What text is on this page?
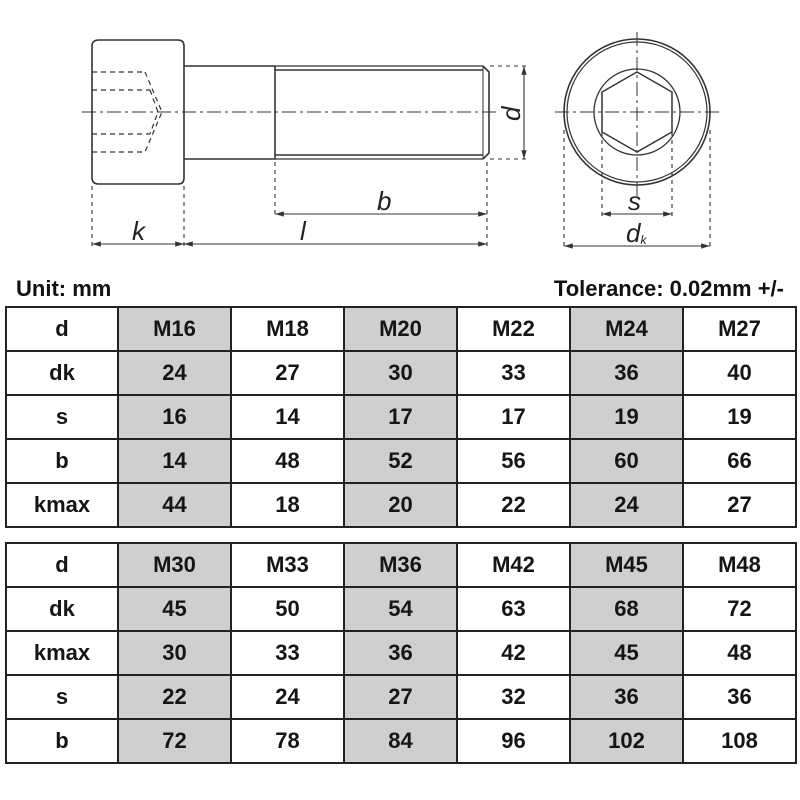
k	l
b
d
s
dk
Unit: mm	Tolerance: 0.02mm +/-
d	M16	M18	M20	M22	M24	M27
dk	24	27	30	33	36	40
s	16	14	17	17	19	19
b	14	48	52	56	60	66
kmax	44	18	20	22	24	27
d	M30	M33	M36	M42	M45	M48
dk	45	50	54	63	68	72
kmax	30	33	36	42	45	48
s	22	24	27	32	36	36
b	72	78	84	96	102	108
